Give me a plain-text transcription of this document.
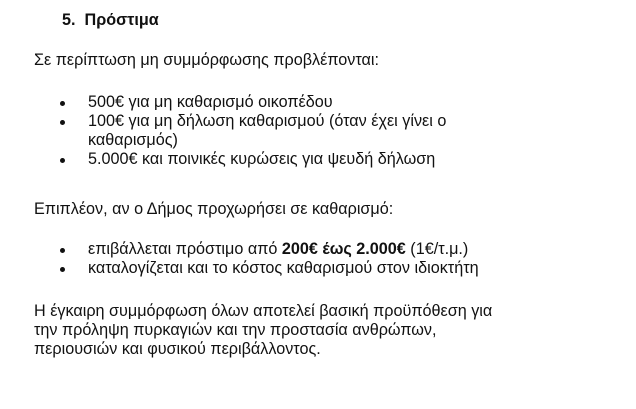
5. Πρόστιμα
Σε περίπτωση μη συμμόρφωσης προβλέπονται:
500€ για μη καθαρισμό οικοπέδου
100€ για μη δήλωση καθαρισμού (όταν έχει γίνει ο
καθαρισμός)
5.000€ και ποινικές κυρώσεις για ψευδή δήλωση
Επιπλέον, αν ο Δήμος προχωρήσει σε καθαρισμό:
επιβάλλεται πρόστιμο από 200€ έως 2.000€ (1€/τ.μ.)
καταλογίζεται και το κόστος καθαρισμού στον ιδιοκτήτη
Η έγκαιρη συμμόρφωση όλων αποτελεί βασική προϋπόθεση για
την πρόληψη πυρκαγιών και την προστασία ανθρώπων,
περιουσιών και φυσικού περιβάλλοντος.
